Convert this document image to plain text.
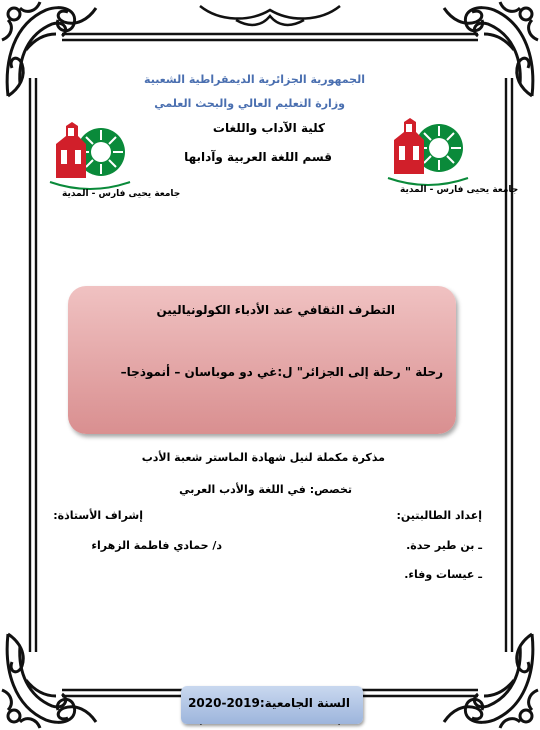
الجمهورية الجزائرية الديمقراطية الشعبية
وزارة التعليم العالي والبحث العلمي
كلية الآداب واللغات
قسم اللغة العربية وآدابها
جامعة يحيى فارس - المدية	جامعة يحيى فارس - المدية
التطرف الثقافي عند الأدباء الكولونياليين
رحلة " رحلة إلى الجزائر" ل:غي دو موباسان – أنموذجا–
مذكرة مكملة لنيل شهادة الماستر شعبة الأدب
تخصص: في اللغة والأدب العربي
إعداد الطالبتين:
ـ بن طير حدة.
ـ عيسات وفاء.
إشراف الأستاذة:
د/ حمادي فاطمة الزهراء
السنة الجامعية:2019-2020
